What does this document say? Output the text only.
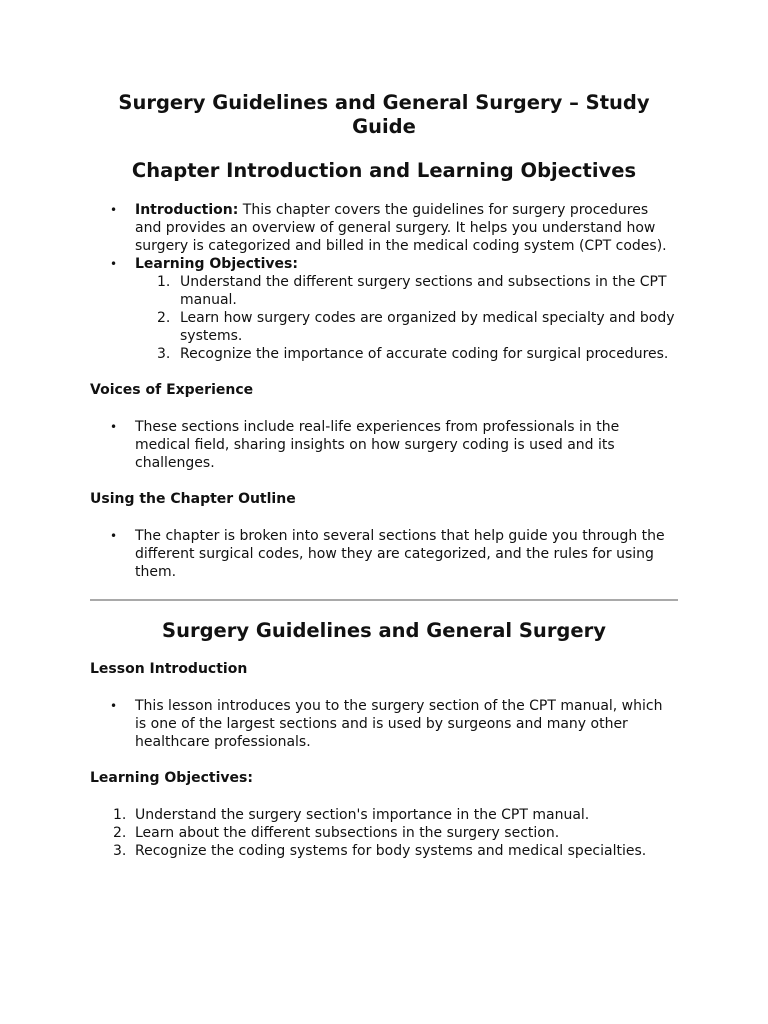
Surgery Guidelines and General Surgery – Study Guide
Chapter Introduction and Learning Objectives
• Introduction: This chapter covers the guidelines for surgery procedures and provides an overview of general surgery. It helps you understand how surgery is categorized and billed in the medical coding system (CPT codes).
• Learning Objectives:
1. Understand the different surgery sections and subsections in the CPT manual.
2. Learn how surgery codes are organized by medical specialty and body systems.
3. Recognize the importance of accurate coding for surgical procedures.
Voices of Experience
• These sections include real-life experiences from professionals in the medical field, sharing insights on how surgery coding is used and its challenges.
Using the Chapter Outline
• The chapter is broken into several sections that help guide you through the different surgical codes, how they are categorized, and the rules for using them.
Surgery Guidelines and General Surgery
Lesson Introduction
• This lesson introduces you to the surgery section of the CPT manual, which is one of the largest sections and is used by surgeons and many other healthcare professionals.
Learning Objectives:
1. Understand the surgery section's importance in the CPT manual.
2. Learn about the different subsections in the surgery section.
3. Recognize the coding systems for body systems and medical specialties.
